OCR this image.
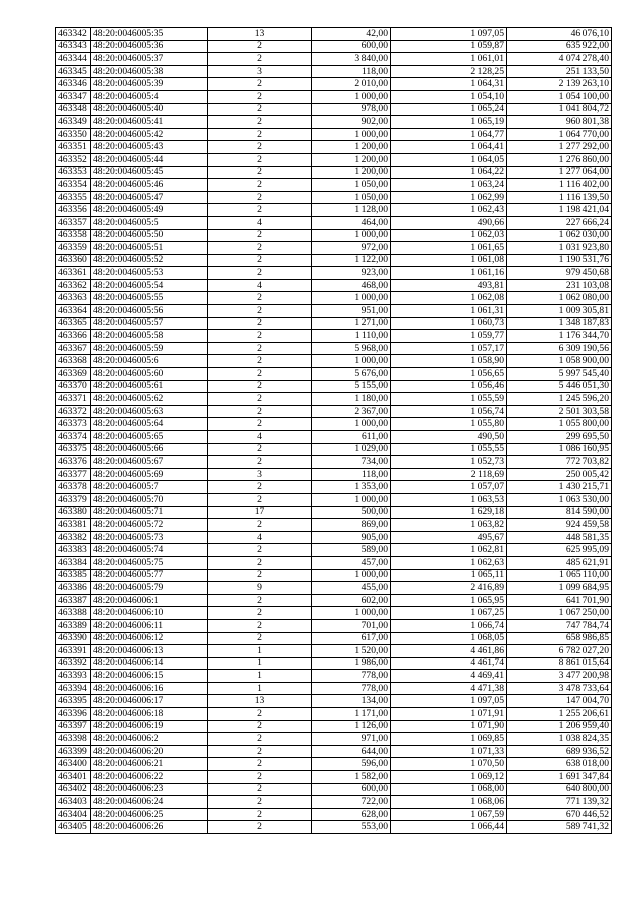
463342	48:20:0046005:35	13	42,00	1 097,05	46 076,10
463343	48:20:0046005:36	2	600,00	1 059,87	635 922,00
463344	48:20:0046005:37	2	3 840,00	1 061,01	4 074 278,40
463345	48:20:0046005:38	3	118,00	2 128,25	251 133,50
463346	48:20:0046005:39	2	2 010,00	1 064,31	2 139 263,10
463347	48:20:0046005:4	2	1 000,00	1 054,10	1 054 100,00
463348	48:20:0046005:40	2	978,00	1 065,24	1 041 804,72
463349	48:20:0046005:41	2	902,00	1 065,19	960 801,38
463350	48:20:0046005:42	2	1 000,00	1 064,77	1 064 770,00
463351	48:20:0046005:43	2	1 200,00	1 064,41	1 277 292,00
463352	48:20:0046005:44	2	1 200,00	1 064,05	1 276 860,00
463353	48:20:0046005:45	2	1 200,00	1 064,22	1 277 064,00
463354	48:20:0046005:46	2	1 050,00	1 063,24	1 116 402,00
463355	48:20:0046005:47	2	1 050,00	1 062,99	1 116 139,50
463356	48:20:0046005:49	2	1 128,00	1 062,43	1 198 421,04
463357	48:20:0046005:5	4	464,00	490,66	227 666,24
463358	48:20:0046005:50	2	1 000,00	1 062,03	1 062 030,00
463359	48:20:0046005:51	2	972,00	1 061,65	1 031 923,80
463360	48:20:0046005:52	2	1 122,00	1 061,08	1 190 531,76
463361	48:20:0046005:53	2	923,00	1 061,16	979 450,68
463362	48:20:0046005:54	4	468,00	493,81	231 103,08
463363	48:20:0046005:55	2	1 000,00	1 062,08	1 062 080,00
463364	48:20:0046005:56	2	951,00	1 061,31	1 009 305,81
463365	48:20:0046005:57	2	1 271,00	1 060,73	1 348 187,83
463366	48:20:0046005:58	2	1 110,00	1 059,77	1 176 344,70
463367	48:20:0046005:59	2	5 968,00	1 057,17	6 309 190,56
463368	48:20:0046005:6	2	1 000,00	1 058,90	1 058 900,00
463369	48:20:0046005:60	2	5 676,00	1 056,65	5 997 545,40
463370	48:20:0046005:61	2	5 155,00	1 056,46	5 446 051,30
463371	48:20:0046005:62	2	1 180,00	1 055,59	1 245 596,20
463372	48:20:0046005:63	2	2 367,00	1 056,74	2 501 303,58
463373	48:20:0046005:64	2	1 000,00	1 055,80	1 055 800,00
463374	48:20:0046005:65	4	611,00	490,50	299 695,50
463375	48:20:0046005:66	2	1 029,00	1 055,55	1 086 160,95
463376	48:20:0046005:67	2	734,00	1 052,73	772 703,82
463377	48:20:0046005:69	3	118,00	2 118,69	250 005,42
463378	48:20:0046005:7	2	1 353,00	1 057,07	1 430 215,71
463379	48:20:0046005:70	2	1 000,00	1 063,53	1 063 530,00
463380	48:20:0046005:71	17	500,00	1 629,18	814 590,00
463381	48:20:0046005:72	2	869,00	1 063,82	924 459,58
463382	48:20:0046005:73	4	905,00	495,67	448 581,35
463383	48:20:0046005:74	2	589,00	1 062,81	625 995,09
463384	48:20:0046005:75	2	457,00	1 062,63	485 621,91
463385	48:20:0046005:77	2	1 000,00	1 065,11	1 065 110,00
463386	48:20:0046005:79	9	455,00	2 416,89	1 099 684,95
463387	48:20:0046006:1	2	602,00	1 065,95	641 701,90
463388	48:20:0046006:10	2	1 000,00	1 067,25	1 067 250,00
463389	48:20:0046006:11	2	701,00	1 066,74	747 784,74
463390	48:20:0046006:12	2	617,00	1 068,05	658 986,85
463391	48:20:0046006:13	1	1 520,00	4 461,86	6 782 027,20
463392	48:20:0046006:14	1	1 986,00	4 461,74	8 861 015,64
463393	48:20:0046006:15	1	778,00	4 469,41	3 477 200,98
463394	48:20:0046006:16	1	778,00	4 471,38	3 478 733,64
463395	48:20:0046006:17	13	134,00	1 097,05	147 004,70
463396	48:20:0046006:18	2	1 171,00	1 071,91	1 255 206,61
463397	48:20:0046006:19	2	1 126,00	1 071,90	1 206 959,40
463398	48:20:0046006:2	2	971,00	1 069,85	1 038 824,35
463399	48:20:0046006:20	2	644,00	1 071,33	689 936,52
463400	48:20:0046006:21	2	596,00	1 070,50	638 018,00
463401	48:20:0046006:22	2	1 582,00	1 069,12	1 691 347,84
463402	48:20:0046006:23	2	600,00	1 068,00	640 800,00
463403	48:20:0046006:24	2	722,00	1 068,06	771 139,32
463404	48:20:0046006:25	2	628,00	1 067,59	670 446,52
463405	48:20:0046006:26	2	553,00	1 066,44	589 741,32
